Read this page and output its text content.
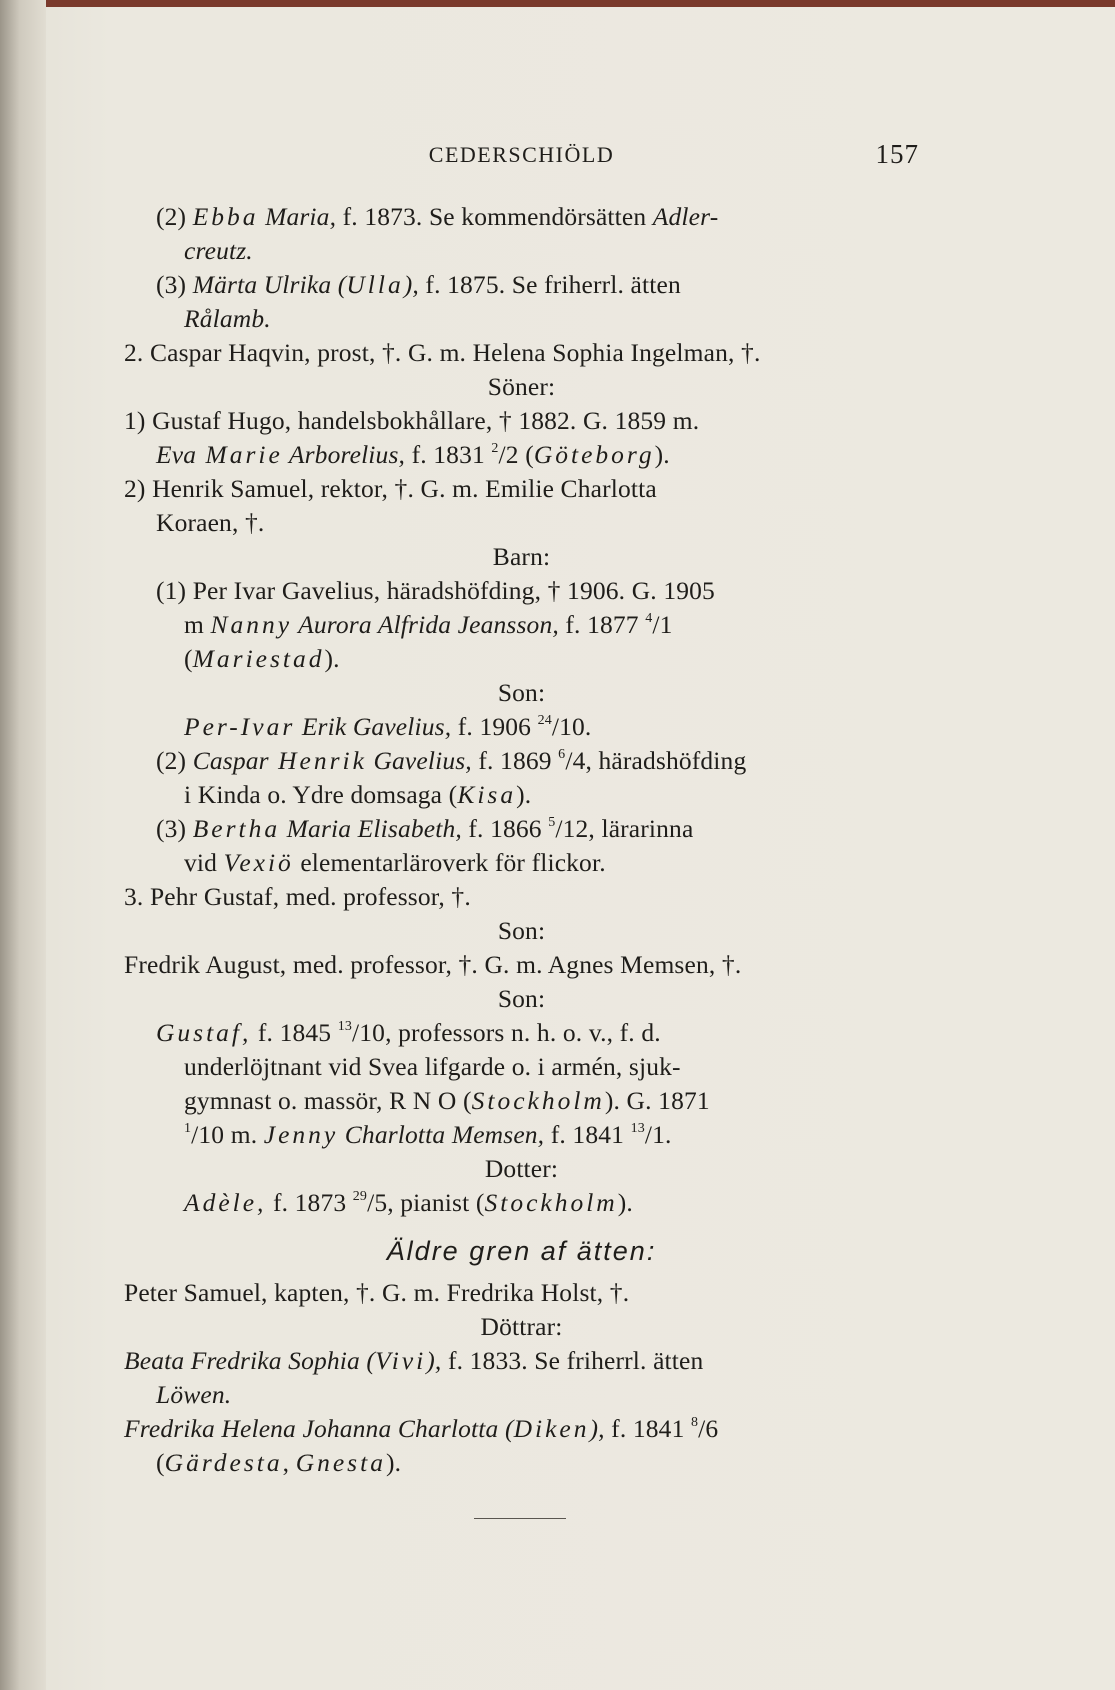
CEDERSCHIÖLD	157
(2) Ebba Maria, f. 1873. Se kommendörsätten Adler-
creutz.
(3) Märta Ulrika (Ulla), f. 1875. Se friherrl. ätten
Rålamb.
2. Caspar Haqvin, prost, †. G. m. Helena Sophia Ingelman, †.
Söner:
1) Gustaf Hugo, handelsbokhållare, † 1882. G. 1859 m.
Eva Marie Arborelius, f. 1831 $^2$/2 (Göteborg).
2) Henrik Samuel, rektor, †. G. m. Emilie Charlotta
Koraen, †.
Barn:
(1) Per Ivar Gavelius, häradshöfding, † 1906. G. 1905
m Nanny Aurora Alfrida Jeansson, f. 1877 $^4$/1
(Mariestad).
Son:
Per-Ivar Erik Gavelius, f. 1906 $^{24}$/10.
(2) Caspar Henrik Gavelius, f. 1869 $^6$/4, häradshöfding
i Kinda o. Ydre domsaga (Kisa).
(3) Bertha Maria Elisabeth, f. 1866 $^5$/12, lärarinna
vid Vexiö elementarläroverk för flickor.
3. Pehr Gustaf, med. professor, †.
Son:
Fredrik August, med. professor, †. G. m. Agnes Memsen, †.
Son:
Gustaf, f. 1845 $^{13}$/10, professors n. h. o. v., f. d.
underlöjtnant vid Svea lifgarde o. i armén, sjuk-
gymnast o. massör, R N O (Stockholm). G. 1871
$^1$/10 m. Jenny Charlotta Memsen, f. 1841 $^{13}$/1.
Dotter:
Adèle, f. 1873 $^{29}$/5, pianist (Stockholm).
Äldre gren af ätten:
Peter Samuel, kapten, †. G. m. Fredrika Holst, †.
Döttrar:
Beata Fredrika Sophia (Vivi), f. 1833. Se friherrl. ätten
Löwen.
Fredrika Helena Johanna Charlotta (Diken), f. 1841 $^8$/6
(Gärdesta, Gnesta).
